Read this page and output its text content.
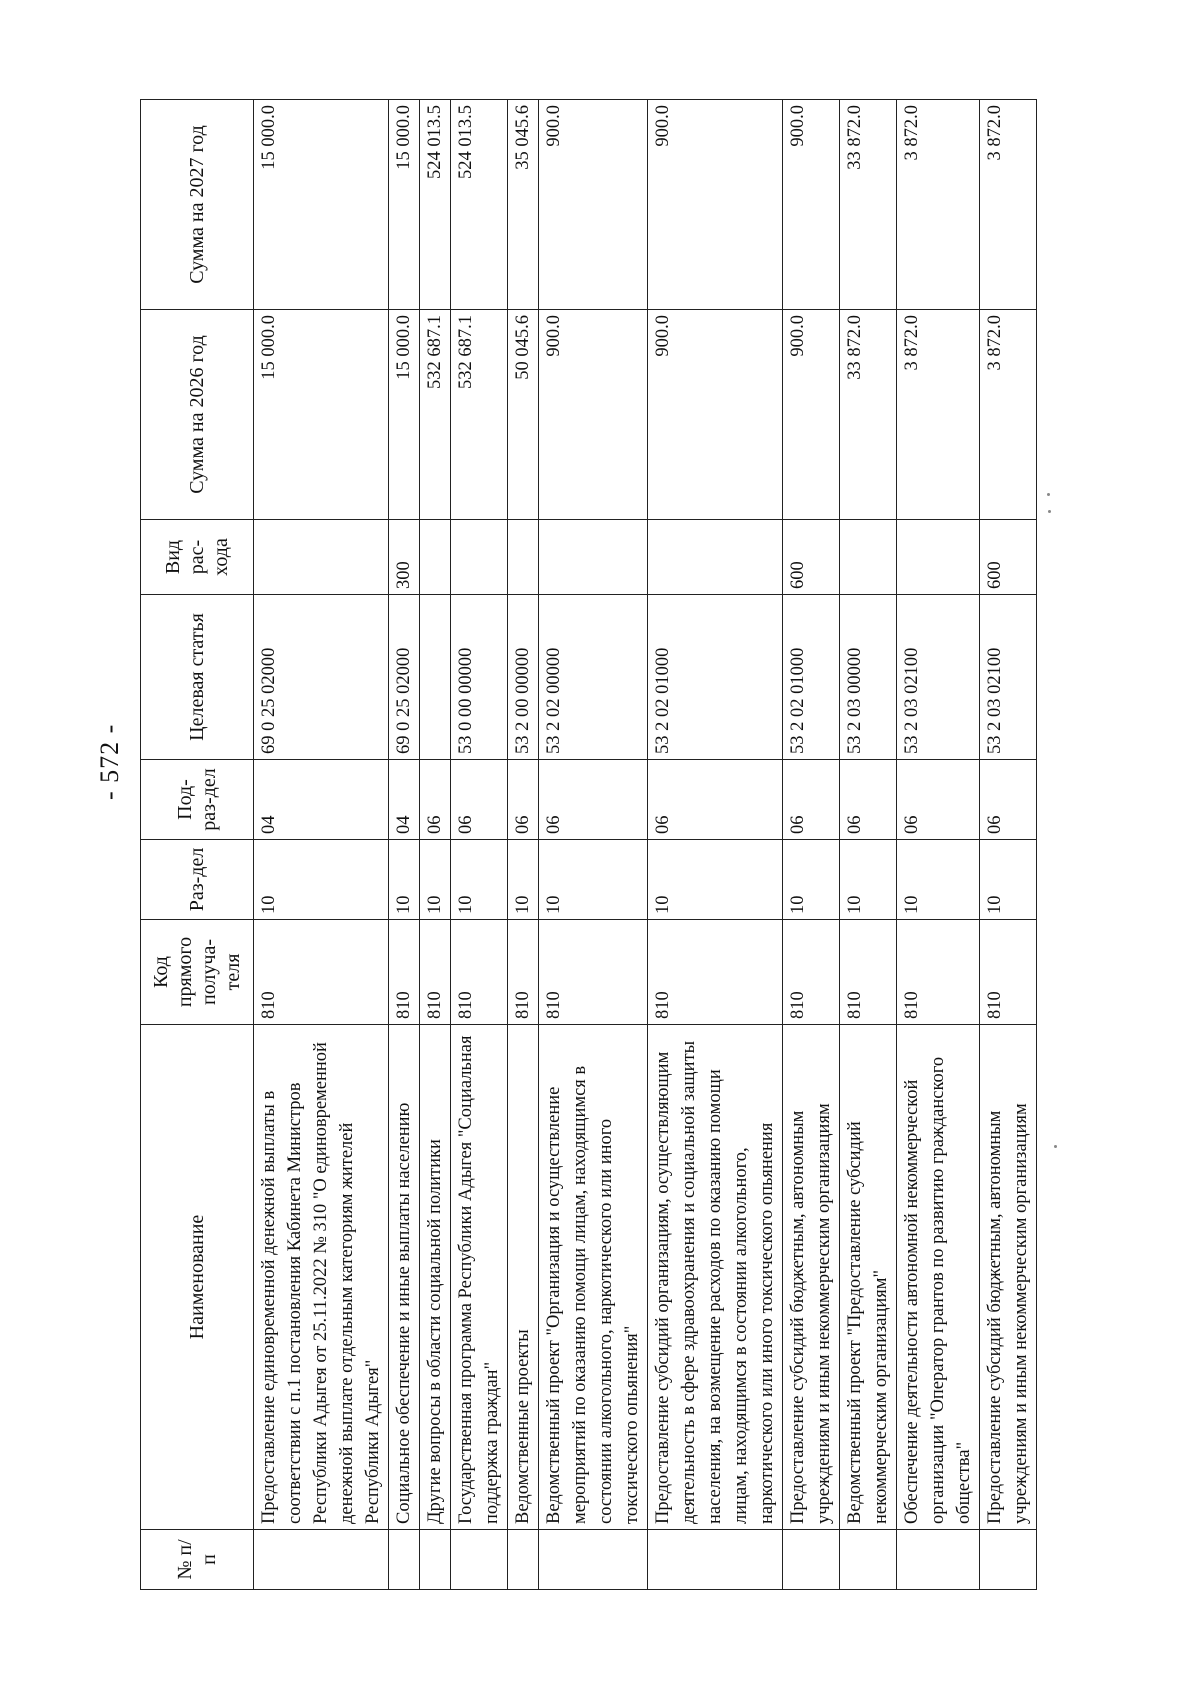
- 572 -
№ п/п	Наименование	Код прямого получа-теля	Раз-дел	Под-раз-дел	Целевая статья	Вид рас-хода	Сумма на 2026 год	Сумма на 2027 год
	Предоставление единовременной денежной выплаты в соответствии с п.1 постановления Кабинета Министров Республики Адыгея от 25.11.2022 № 310 "О единовременной денежной выплате отдельным категориям жителей Республики Адыгея"	810	10	04	69 0 25 02000		15 000.0	15 000.0
	Социальное обеспечение и иные выплаты населению	810	10	04	69 0 25 02000	300	15 000.0	15 000.0
	Другие вопросы в области социальной политики	810	10	06			532 687.1	524 013.5
	Государственная программа Республики Адыгея "Социальная поддержка граждан"	810	10	06	53 0 00 00000		532 687.1	524 013.5
	Ведомственные проекты	810	10	06	53 2 00 00000		50 045.6	35 045.6
	Ведомственный проект "Организация и осуществление мероприятий по оказанию помощи лицам, находящимся в состоянии алкогольного, наркотического или иного токсического опьянения"	810	10	06	53 2 02 00000		900.0	900.0
	Предоставление субсидий организациям, осуществляющим деятельность в сфере здравоохранения и социальной защиты населения, на возмещение расходов по оказанию помощи лицам, находящимся в состоянии алкогольного, наркотического или иного токсического опьянения	810	10	06	53 2 02 01000		900.0	900.0
	Предоставление субсидий бюджетным, автономным учреждениям и иным некоммерческим организациям	810	10	06	53 2 02 01000	600	900.0	900.0
	Ведомственный проект "Предоставление субсидий некоммерческим организациям"	810	10	06	53 2 03 00000		33 872.0	33 872.0
	Обеспечение деятельности автономной некоммерческой организации "Оператор грантов по развитию гражданского общества"	810	10	06	53 2 03 02100		3 872.0	3 872.0
	Предоставление субсидий бюджетным, автономным учреждениям и иным некоммерческим организациям	810	10	06	53 2 03 02100	600	3 872.0	3 872.0
